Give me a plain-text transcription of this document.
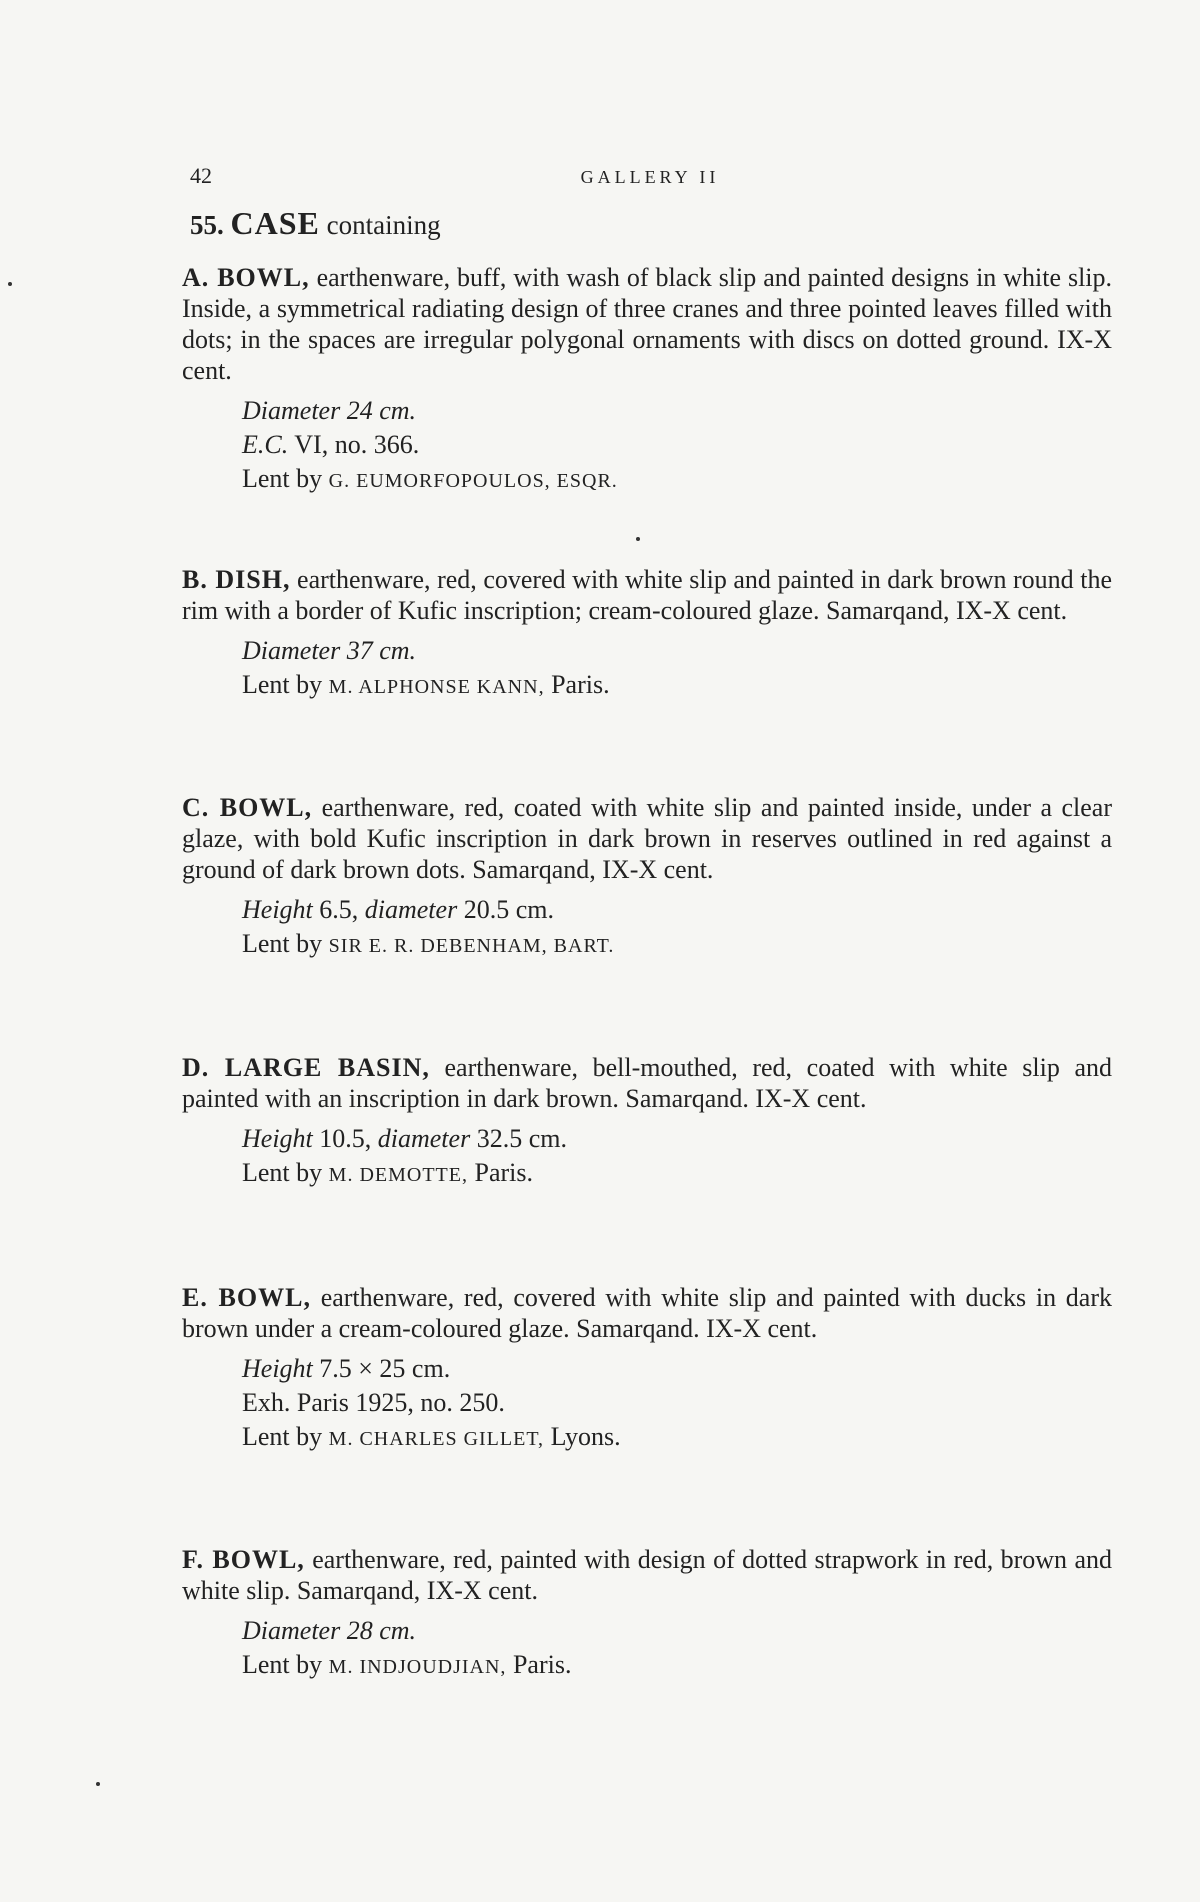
42	GALLERY II
55. CASE containing

A. BOWL, earthenware, buff, with wash of black slip and painted designs in white slip. Inside, a symmetrical radiating design of three cranes and three pointed leaves filled with dots; in the spaces are irregular polygonal ornaments with discs on dotted ground. IX-X cent.

Diameter 24 cm.
E.C. VI, no. 366.
Lent by G. EUMORFOPOULOS, ESQR.

B. DISH, earthenware, red, covered with white slip and painted in dark brown round the rim with a border of Kufic inscription; cream-coloured glaze. Samarqand, IX-X cent.

Diameter 37 cm.
Lent by M. ALPHONSE KANN, Paris.

C. BOWL, earthenware, red, coated with white slip and painted inside, under a clear glaze, with bold Kufic inscription in dark brown in reserves outlined in red against a ground of dark brown dots. Samarqand, IX-X cent.

Height 6.5, diameter 20.5 cm.
Lent by SIR E. R. DEBENHAM, BART.

D. LARGE BASIN, earthenware, bell-mouthed, red, coated with white slip and painted with an inscription in dark brown. Samarqand. IX-X cent.

Height 10.5, diameter 32.5 cm.
Lent by M. DEMOTTE, Paris.

E. BOWL, earthenware, red, covered with white slip and painted with ducks in dark brown under a cream-coloured glaze. Samarqand. IX-X cent.

Height 7.5 × 25 cm.
Exh. Paris 1925, no. 250.
Lent by M. CHARLES GILLET, Lyons.

F. BOWL, earthenware, red, painted with design of dotted strapwork in red, brown and white slip. Samarqand, IX-X cent.

Diameter 28 cm.
Lent by M. INDJOUDJIAN, Paris.
